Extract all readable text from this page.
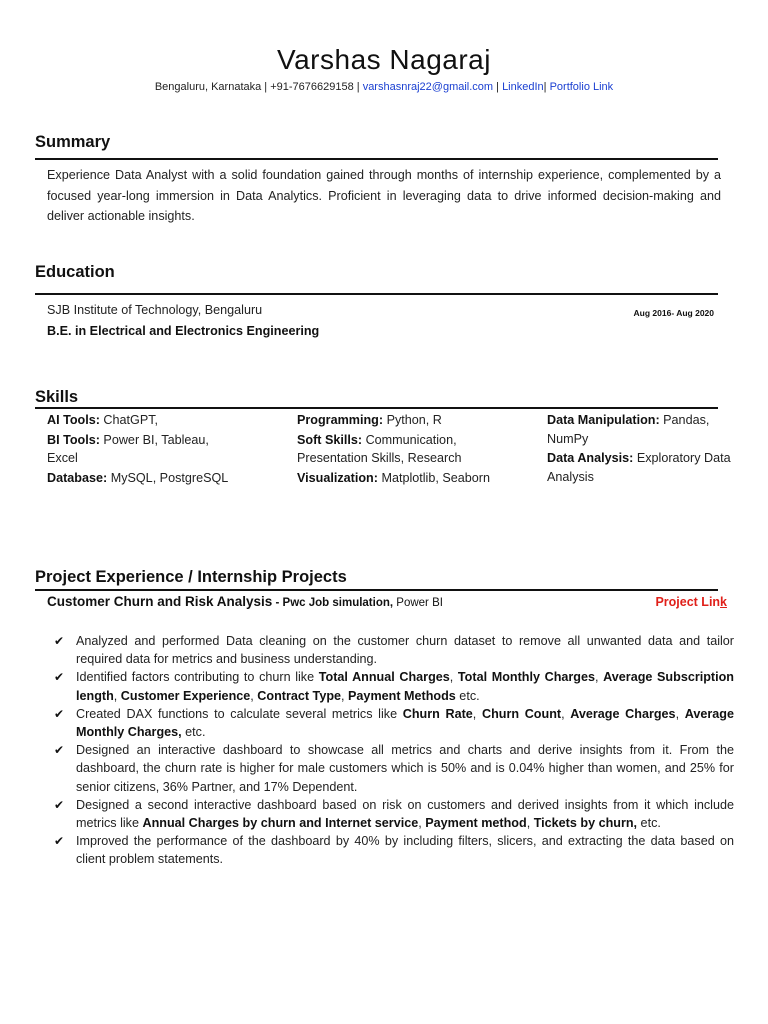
Varshas Nagaraj
Bengaluru, Karnataka | +91-7676629158 | varshasnraj22@gmail.com | LinkedIn| Portfolio Link
Summary
Experience Data Analyst with a solid foundation gained through months of internship experience, complemented by a focused year-long immersion in Data Analytics. Proficient in leveraging data to drive informed decision-making and deliver actionable insights.
Education
SJB Institute of Technology, Bengaluru
B.E. in Electrical and Electronics Engineering
Aug 2016- Aug 2020
Skills
AI Tools: ChatGPT,
BI Tools: Power BI, Tableau, Excel
Database: MySQL, PostgreSQL
Programming: Python, R
Soft Skills: Communication, Presentation Skills, Research
Visualization: Matplotlib, Seaborn
Data Manipulation: Pandas, NumPy
Data Analysis: Exploratory Data Analysis
Project Experience / Internship Projects
Customer Churn and Risk Analysis - Pwc Job simulation, Power BI	Project Link
✔ Analyzed and performed Data cleaning on the customer churn dataset to remove all unwanted data and tailor required data for metrics and business understanding.
✔ Identified factors contributing to churn like Total Annual Charges, Total Monthly Charges, Average Subscription length, Customer Experience, Contract Type, Payment Methods etc.
✔ Created DAX functions to calculate several metrics like Churn Rate, Churn Count, Average Charges, Average Monthly Charges, etc.
✔ Designed an interactive dashboard to showcase all metrics and charts and derive insights from it. From the dashboard, the churn rate is higher for male customers which is 50% and is 0.04% higher than women, and 25% for senior citizens, 36% Partner, and 17% Dependent.
✔ Designed a second interactive dashboard based on risk on customers and derived insights from it which include metrics like Annual Charges by churn and Internet service, Payment method, Tickets by churn, etc.
✔ Improved the performance of the dashboard by 40% by including filters, slicers, and extracting the data based on client problem statements.
